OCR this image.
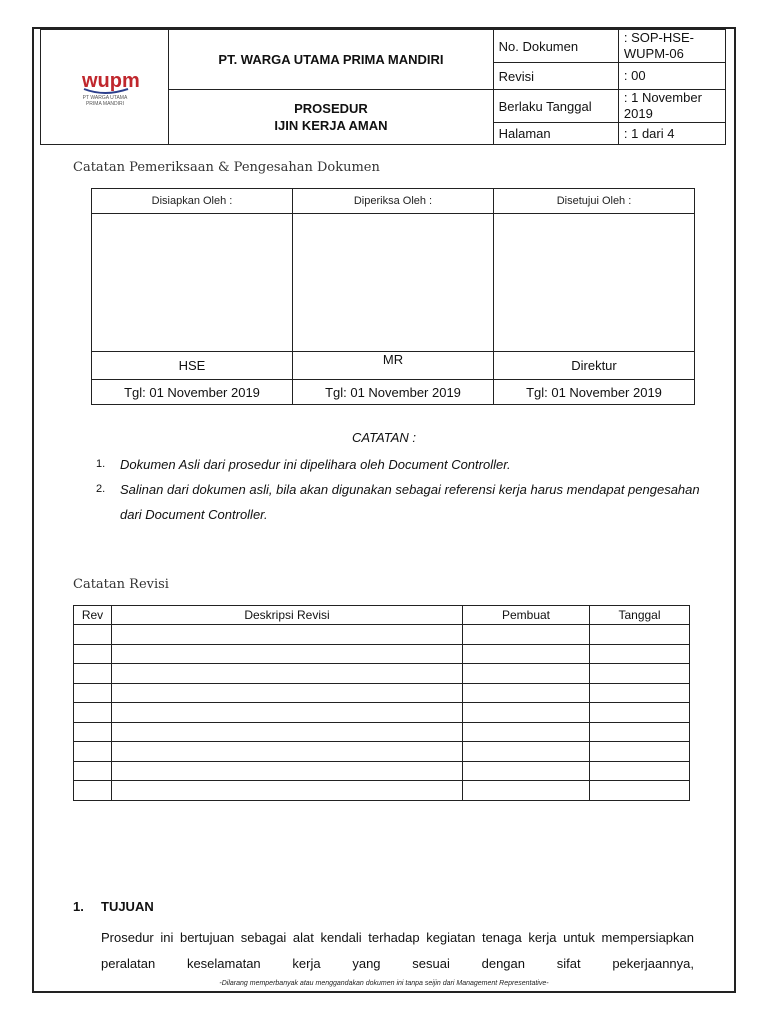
wupm
PT WARGA UTAMA
PRIMA MANDIRI	PT. WARGA UTAMA PRIMA MANDIRI	No. Dokumen	: SOP-HSE-WUPM-06
		Revisi	: 00

	PROSEDUR
IJIN KERJA AMAN	Berlaku Tanggal	: 1 November 2019
		Halaman	: 1 dari 4
Catatan Pemeriksaan & Pengesahan Dokumen
Disiapkan Oleh :	Diperiksa Oleh :	Disetujui Oleh :

HSE	MR	Direktur
Tgl: 01 November 2019	Tgl: 01 November 2019	Tgl: 01 November 2019
CATATAN :
1.	Dokumen Asli dari prosedur ini dipelihara oleh Document Controller.
2.	Salinan dari dokumen asli, bila akan digunakan sebagai referensi kerja harus mendapat pengesahan dari Document Controller.
Catatan Revisi
Rev	Deskripsi Revisi	Pembuat	Tanggal

1. TUJUAN
Prosedur ini bertujuan sebagai alat kendali terhadap kegiatan tenaga kerja untuk mempersiapkan peralatan keselamatan kerja yang sesuai dengan sifat pekerjaannya,
-Dilarang memperbanyak atau menggandakan dokumen ini tanpa seijin dari Management Representative-
